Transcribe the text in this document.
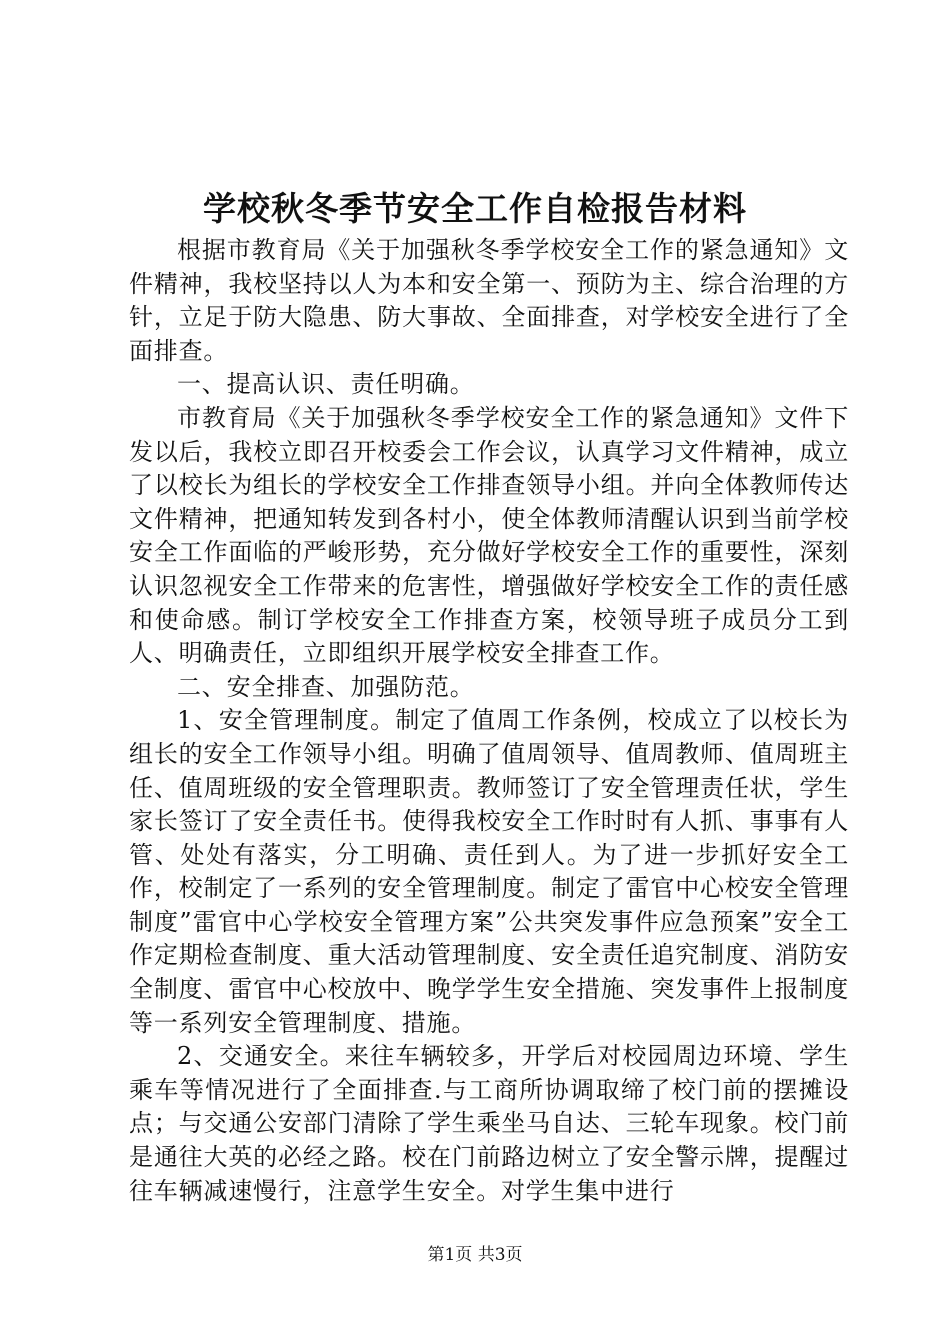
学校秋冬季节安全工作自检报告材料

根据市教育局《关于加强秋冬季学校安全工作的紧急通知》文件精神，我校坚持以人为本和安全第一、预防为主、综合治理的方针，立足于防大隐患、防大事故、全面排查，对学校安全进行了全面排查。

一、提高认识、责任明确。

市教育局《关于加强秋冬季学校安全工作的紧急通知》文件下发以后，我校立即召开校委会工作会议，认真学习文件精神，成立了以校长为组长的学校安全工作排查领导小组。并向全体教师传达文件精神，把通知转发到各村小，使全体教师清醒认识到当前学校安全工作面临的严峻形势，充分做好学校安全工作的重要性，深刻认识忽视安全工作带来的危害性，增强做好学校安全工作的责任感和使命感。制订学校安全工作排查方案，校领导班子成员分工到人、明确责任，立即组织开展学校安全排查工作。

二、安全排查、加强防范。

1、安全管理制度。制定了值周工作条例，校成立了以校长为组长的安全工作领导小组。明确了值周领导、值周教师、值周班主任、值周班级的安全管理职责。教师签订了安全管理责任状，学生家长签订了安全责任书。使得我校安全工作时时有人抓、事事有人管、处处有落实，分工明确、责任到人。为了进一步抓好安全工作，校制定了一系列的安全管理制度。制定了雷官中心校安全管理制度”雷官中心学校安全管理方案”公共突发事件应急预案”安全工作定期检查制度、重大活动管理制度、安全责任追究制度、消防安全制度、雷官中心校放中、晚学学生安全措施、突发事件上报制度等一系列安全管理制度、措施。

2、交通安全。来往车辆较多，开学后对校园周边环境、学生乘车等情况进行了全面排查.与工商所协调取缔了校门前的摆摊设点；与交通公安部门清除了学生乘坐马自达、三轮车现象。校门前是通往大英的必经之路。校在门前路边树立了安全警示牌，提醒过往车辆减速慢行，注意学生安全。对学生集中进行

第1页 共3页
